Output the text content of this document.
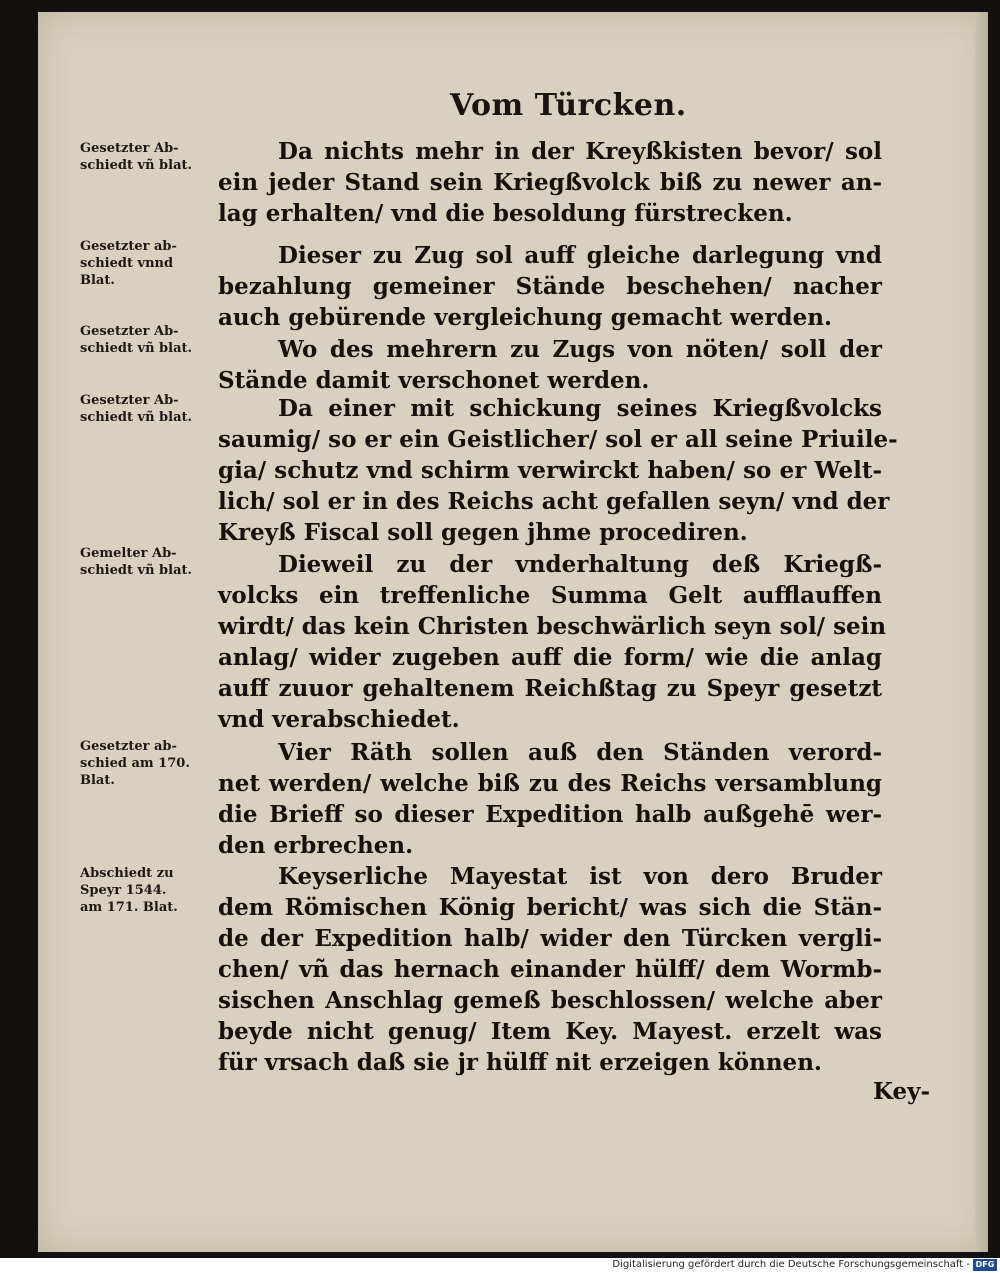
Vom Türcken.
Gesetzter Ab-
schiedt vñ blat.
Gesetzter ab-
schiedt vnnd
Blat.
Gesetzter Ab-
schiedt vñ blat.
Gesetzter Ab-
schiedt vñ blat.
Gemelter Ab-
schiedt vñ blat.
Gesetzter ab-
schied am 170.
Blat.
Abschiedt zu
Speyr 1544.
am 171. Blat.
Da nichts mehr in der Kreyßkisten bevor/ sol
ein jeder Stand sein Kriegßvolck biß zu newer an-
lag erhalten/ vnd die besoldung fürstrecken.
Dieser zu Zug sol auff gleiche darlegung vnd
bezahlung gemeiner Stände beschehen/ nacher
auch gebürende vergleichung gemacht werden.
Wo des mehrern zu Zugs von nöten/ soll der
Stände damit verschonet werden.
Da einer mit schickung seines Kriegßvolcks
saumig/ so er ein Geistlicher/ sol er all seine Priuile-
gia/ schutz vnd schirm verwirckt haben/ so er Welt-
lich/ sol er in des Reichs acht gefallen seyn/ vnd der
Kreyß Fiscal soll gegen jhme procediren.
Dieweil zu der vnderhaltung deß Kriegß-
volcks ein treffenliche Summa Gelt aufflauffen
wirdt/ das kein Christen beschwärlich seyn sol/ sein
anlag/ wider zugeben auff die form/ wie die anlag
auff zuuor gehaltenem Reichßtag zu Speyr gesetzt
vnd verabschiedet.
Vier Räth sollen auß den Ständen verord-
net werden/ welche biß zu des Reichs versamblung
die Brieff so dieser Expedition halb außgehē wer-
den erbrechen.
Keyserliche Mayestat ist von dero Bruder
dem Römischen König bericht/ was sich die Stän-
de der Expedition halb/ wider den Türcken vergli-
chen/ vñ das hernach einander hülff/ dem Wormb-
sischen Anschlag gemeß beschlossen/ welche aber
beyde nicht genug/ Item Key. Mayest. erzelt was
für vrsach daß sie jr hülff nit erzeigen können.
Key-
Digitalisierung gefördert durch die Deutsche Forschungsgemeinschaft - DFG
